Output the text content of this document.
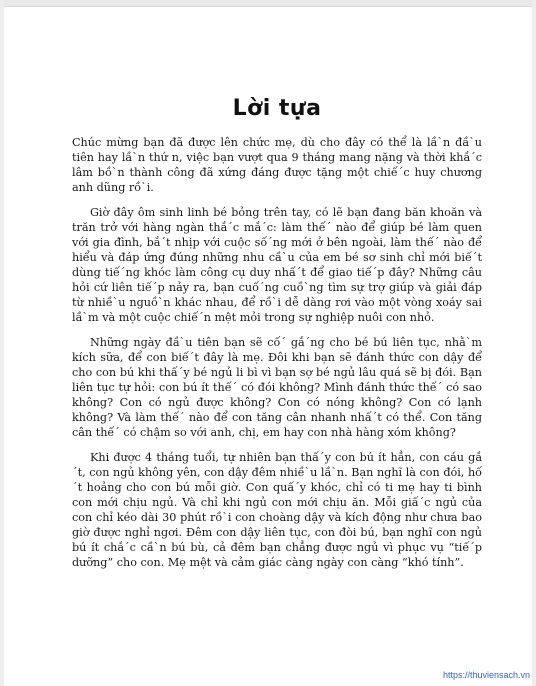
Lời tựa

Chúc mừng bạn đã được lên chức mẹ, dù cho đây có thể là lầ`n đầ`u tiên hay lầ`n thứ n, việc bạn vượt qua 9 tháng mang nặng và thời khắ´c lâm bồ`n thành công đã xứng đáng được tặng một chiế´c huy chương anh dũng rồ`i.

Giờ đây ôm sinh linh bé bỏng trên tay, có lẽ bạn đang băn khoăn và trăn trở với hàng ngàn thắ´c mắ´c: làm thế´ nào để giúp bé làm quen với gia đình, bắ´t nhịp với cuộc số´ng mới ở bên ngoài, làm thế´ nào để hiểu và đáp ứng đúng những nhu cầ`u của em bé sơ sinh chỉ mới biế´t dùng tiế´ng khóc làm công cụ duy nhấ´t để giao tiế´p đây? Những câu hỏi cứ liên tiế´p nảy ra, bạn cuố´ng cuồ`ng tìm sự trợ giúp và giải đáp từ nhiề`u nguồ`n khác nhau, để rồ`i dễ dàng rơi vào một vòng xoáy sai lầ`m và một cuộc chiế´n mệt mỏi trong sự nghiệp nuôi con nhỏ.

Những ngày đầ`u tiên bạn sẽ cố´ gắ´ng cho bé bú liên tục, nhằ`m kích sữa, để con biế´t đây là mẹ. Đôi khi bạn sẽ đánh thức con dậy để cho con bú khi thấ´y bé ngủ li bì vì bạn sợ bé ngủ lâu quá sẽ bị đói. Bạn liên tục tự hỏi: con bú ít thế´ có đói không? Mình đánh thức thế´ có sao không? Con có ngủ được không? Con có nóng không? Con có lạnh không? Và làm thế´ nào để con tăng cân nhanh nhấ´t có thể. Con tăng cân thế´ có chậm so với anh, chị, em hay con nhà hàng xóm không?

Khi được 4 tháng tuổi, tự nhiên bạn thấ´y con bú ít hẳn, con cáu gắ´t, con ngủ không yên, con dậy đêm nhiề`u lầ`n. Bạn nghĩ là con đói, hố´t hoảng cho con bú mỗi giờ. Con quấ´y khóc, chỉ có ti mẹ hay ti bình con mới chịu ngủ. Và chỉ khi ngủ con mới chịu ăn. Mỗi giấ´c ngủ của con chỉ kéo dài 30 phút rồ`i con choàng dậy và kích động như chưa bao giờ được nghỉ ngơi. Đêm con dậy liên tục, con đòi bú, bạn nghĩ con ngủ bú ít chắ´c cầ`n bú bù, cả đêm bạn chẳng được ngủ vì phục vụ “tiế´p dưỡng” cho con. Mẹ mệt và cảm giác càng ngày con càng “khó tính”.

https://thuviensach.vn
